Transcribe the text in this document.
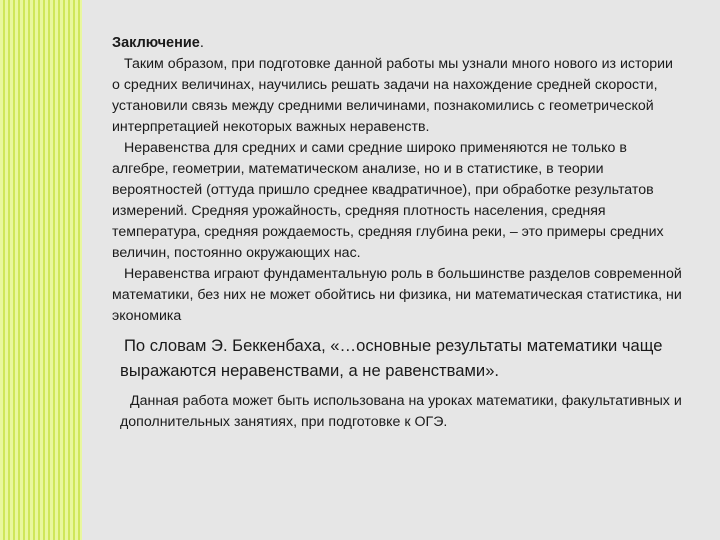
Заключение.

Таким образом, при подготовке данной работы мы узнали много нового из истории о средних величинах, научились решать задачи на нахождение средней скорости, установили связь между средними величинами, познакомились с геометрической интерпретацией некоторых важных неравенств.

Неравенства для средних и сами средние широко применяются не только в алгебре, геометрии, математическом анализе, но и в статистике, в теории вероятностей (оттуда пришло среднее квадратичное), при обработке результатов измерений. Средняя урожайность, средняя плотность населения, средняя температура, средняя рождаемость, средняя глубина реки, – это примеры средних величин, постоянно окружающих нас.

Неравенства играют фундаментальную роль в большинстве разделов современной математики, без них не может обойтись ни физика, ни математическая статистика, ни экономика

По словам Э. Беккенбаха, «…основные результаты математики чаще выражаются неравенствами, а не равенствами».

Данная работа может быть использована на уроках математики, факультативных и дополнительных занятиях, при подготовке к ОГЭ.
